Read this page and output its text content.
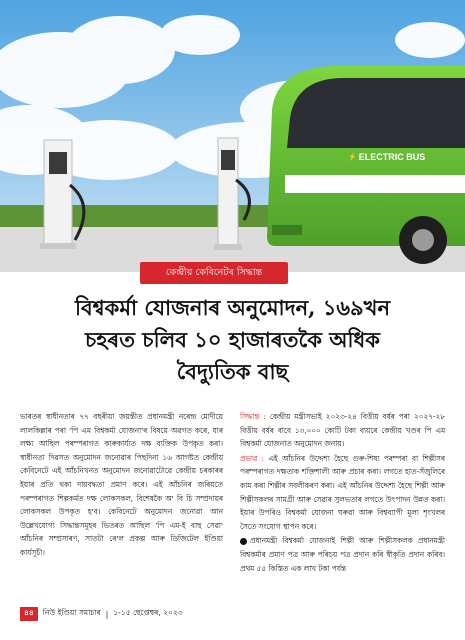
⚡ ELECTRIC BUS
কেন্দ্ৰীয় কেবিনেটৰ সিদ্ধান্ত
বিশ্বকৰ্মা যোজনাৰ অনুমোদন, ১৬৯খন
চহৰত চলিব ১০ হাজাৰতকৈ অধিক
বৈদ্যুতিক বাছ

ভাৰতৰ স্বাধীনতাৰ ৭৭ বছৰীয়া জয়ন্তীত প্ৰধানমন্ত্ৰী নৰেন্দ্ৰ মোদীয়ে লালকিল্লাৰ পৰা 'পি এম বিশ্বকৰ্মা যোজনা'ৰ বিষয়ে অৱগত কৰে, যাৰ লক্ষ্য আছিল পৰম্পৰাগত কাৰুকাৰ্য্যত দক্ষ ব্যক্তিক উপকৃত কৰা। স্বাধীনতা দিৱসত অনুমোদন জনোৱাৰ পিছদিনা ১৬ আগষ্টত কেন্দ্ৰীয় কেবিনেটে এই আঁচনিখনত অনুমোদন জনোৱাটোৱে কেন্দ্ৰীয় চৰকাৰৰ ইয়াৰ প্ৰতি থকা দায়বদ্ধতা প্ৰমাণ কৰে। এই আঁচনিৰ জৰিয়তে পৰম্পৰাগত শিল্পকৰ্মত দক্ষ লোকসকল, বিশেষকৈ অ' বি চি সম্প্ৰদায়ৰ লোকসকল উপকৃত হ'ব। কেবিনেটে অনুমোদন জনোৱা আন উল্লেখযোগ্য সিদ্ধান্তসমূহৰ ভিতৰত আছিল 'পি এম-ই বাছ সেৱা' আঁচনিৰ সম্প্ৰসাৰণ, সাতটা ৰে'ল প্ৰকল্প আৰু ডিজিটেল ইণ্ডিয়া কাৰ্যসূচী।

সিদ্ধান্ত : কেন্দ্ৰীয় মন্ত্ৰীসভাই ২০২৩-২৪ বিত্তীয় বৰ্ষৰ পৰা ২০২৭-২৮ বিত্তীয় বৰ্ষৰ বাবে ১৩,০০০ কোটি টকা ব্যয়ৰে কেন্দ্ৰীয় খণ্ডৰ পি এম বিশ্বকৰ্মা যোজনাত অনুমোদন জনায়।

প্ৰভাৱ : এই আঁচনিৰ উদ্দেশ্য হৈছে গুৰু-শিষ্য পৰম্পৰা বা শিল্পীসৰ পৰম্পৰাগত দক্ষতাক শক্তিশালী আৰু প্ৰচাৰ কৰা। লগতে হাত-সঁজুলিৰে কাম কৰা শিল্পীৰ সবলীকৰণ কৰা। এই আঁচনিৰ উদ্দেশ্য হৈছে শিল্পী আৰু শিল্পীসকলৰ সামগ্ৰী আৰু সেৱাৰ সুলভতাৰ লগতে উৎপাদন উন্নত কৰা। ইয়াৰ উপৰিও বিশ্বকৰ্মা যোজনা ঘৰুৱা আৰু বিশ্বব্যাপী মূল্য শৃংখলৰ সৈতে সংযোগ স্থাপন কৰে।

প্ৰধানমন্ত্ৰী বিশ্বকৰ্মা যোজনাই শিল্পী আৰু শিল্পীসকলক প্ৰধানমন্ত্ৰী বিশ্বকৰ্মাৰ প্ৰমাণ পত্ৰ আৰু পৰিচয় পত্ৰ প্ৰদান কৰি স্বীকৃতি প্ৰদান কৰিব। প্ৰথম ৫৫ কিস্তিত এক লাখ টকা পৰ্যন্ত

৪৪	নিউ ইণ্ডিয়া সমাচাৰ | ১-১৫ ছেপ্তেম্বৰ, ২০২৩
